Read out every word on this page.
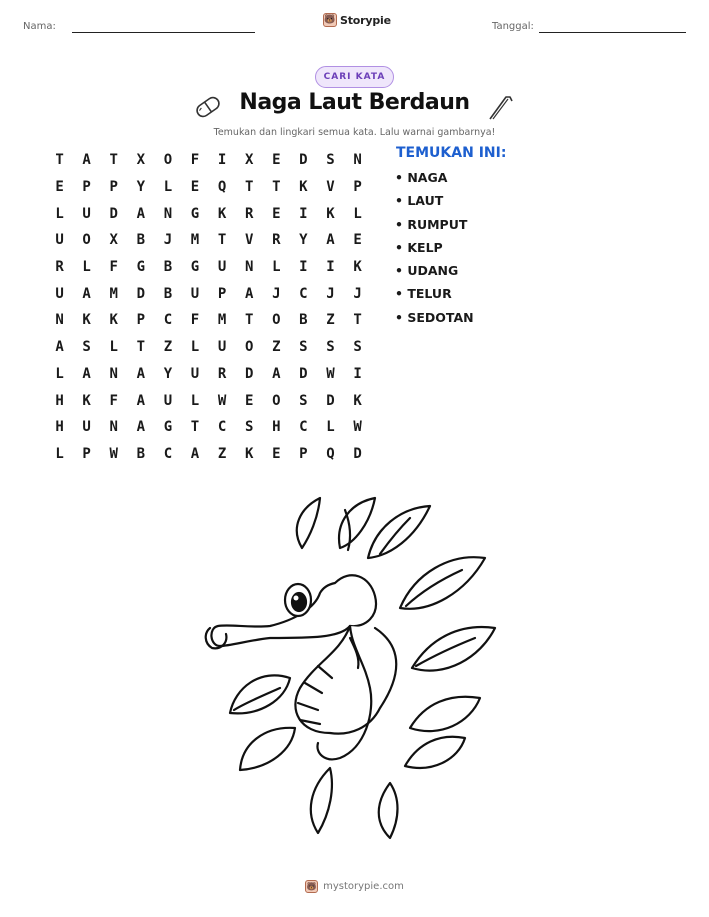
Nama:
🐻 Storypie	Tanggal:
CARI KATA
Naga Laut Berdaun
Temukan dan lingkari semua kata. Lalu warnai gambarnya!
T	A	T	X	O	F	I	X	E	D	S	N
E	P	P	Y	L	E	Q	T	T	K	V	P
L	U	D	A	N	G	K	R	E	I	K	L
U	O	X	B	J	M	T	V	R	Y	A	E
R	L	F	G	B	G	U	N	L	I	I	K
U	A	M	D	B	U	P	A	J	C	J	J
N	K	K	P	C	F	M	T	O	B	Z	T
A	S	L	T	Z	L	U	O	Z	S	S	S
L	A	N	A	Y	U	R	D	A	D	W	I
H	K	F	A	U	L	W	E	O	S	D	K
H	U	N	A	G	T	C	S	H	C	L	W
L	P	W	B	C	A	Z	K	E	P	Q	D
TEMUKAN INI:
• NAGA
• LAUT
• RUMPUT
• KELP
• UDANG
• TELUR
• SEDOTAN
🐻 mystorypie.com
